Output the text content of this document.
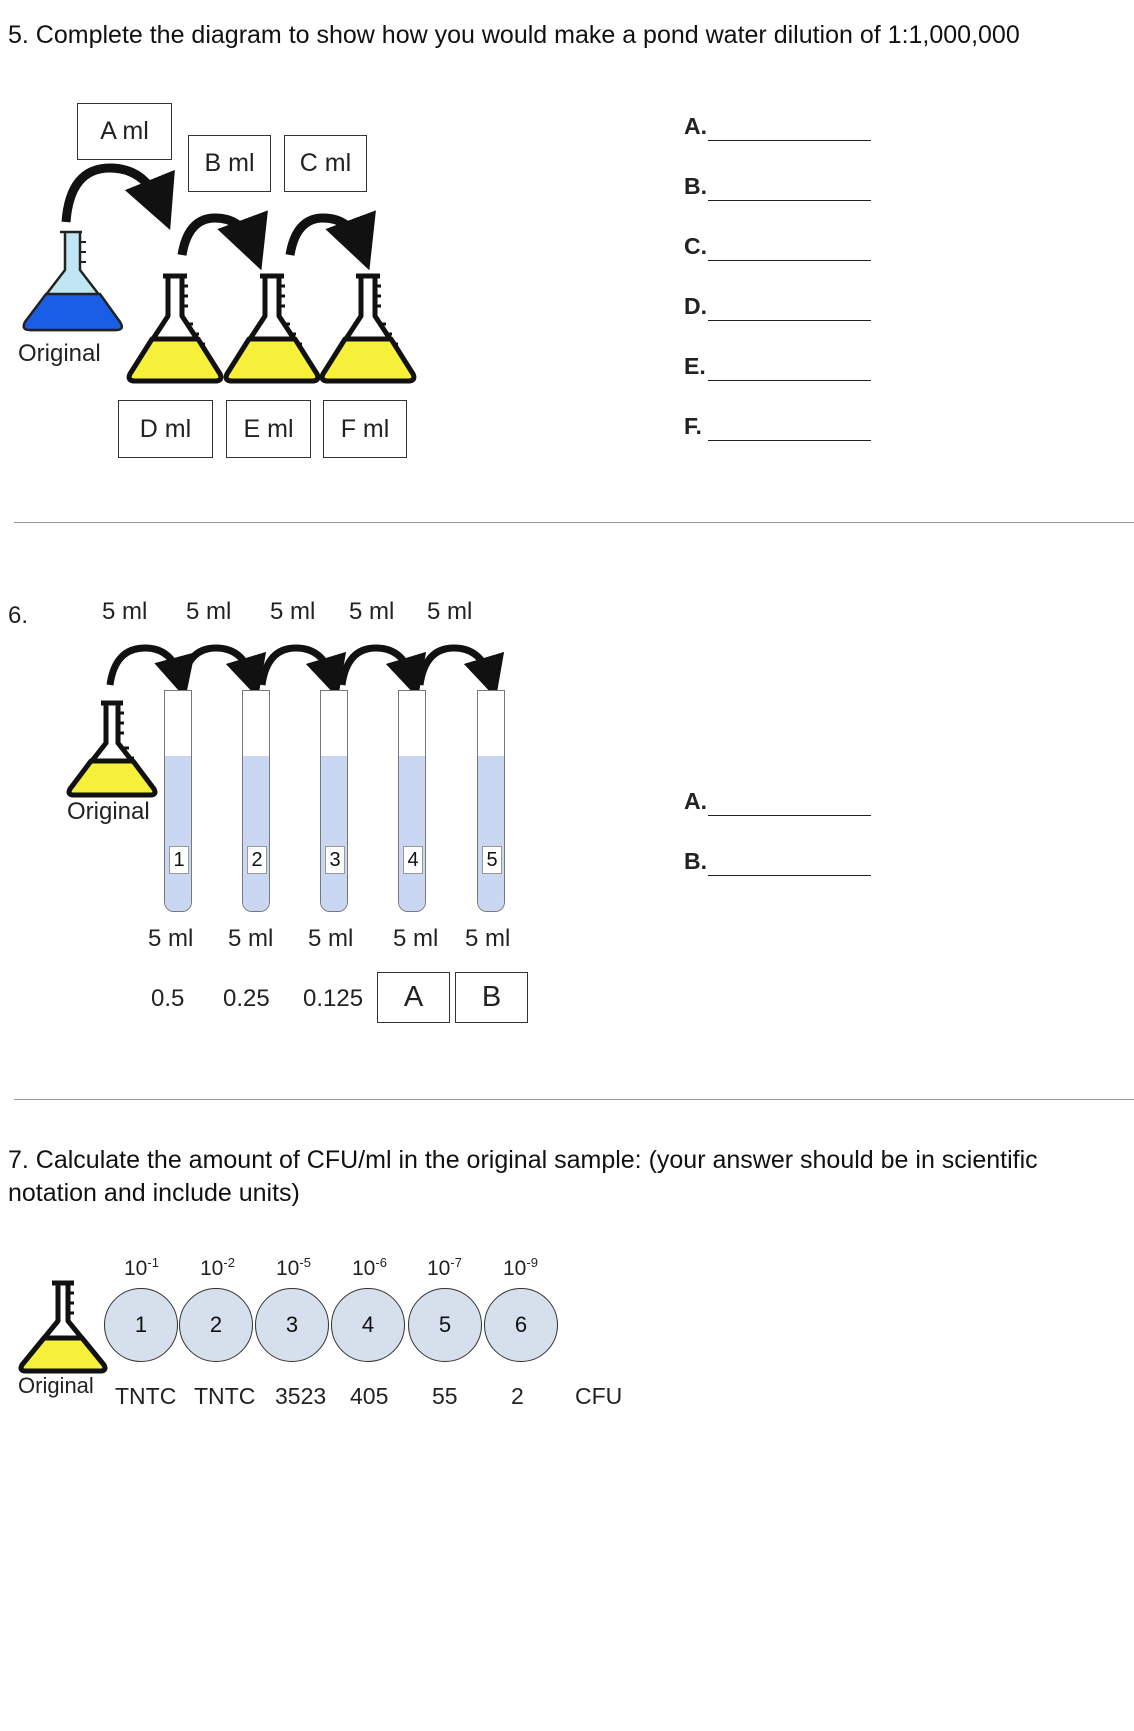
5. Complete the diagram to show how you would make a pond water dilution of 1:1,000,000
A ml
B ml	C ml
Original
D ml	E ml	F ml
A.
B.
C.
D.
E.
F.
6.	5 ml 5 ml 5 ml 5 ml 5 ml
Original
1	2	3	4	5
5 ml 5 ml 5 ml 5 ml 5 ml
0.5 0.25 0.125	A	B
A.
B.
7. Calculate the amount of CFU/ml in the original sample: (your answer should be in scientific
notation and include units)
$10^{-1}$ $10^{-2}$ $10^{-5}$ $10^{-6}$ $10^{-7}$ $10^{-9}$
1	2	3	4	5	6
Original TNTC TNTC 3523 405 55 2 CFU
